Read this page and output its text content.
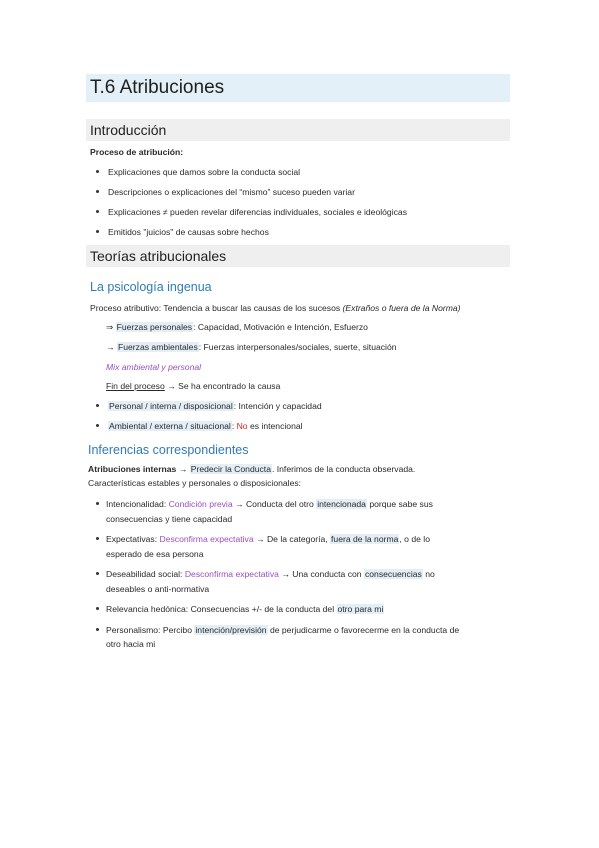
T.6 Atribuciones
Introducción
Proceso de atribución:
Explicaciones que damos sobre la conducta social
Descripciones o explicaciones del “mismo” suceso pueden variar
Explicaciones ≠ pueden revelar diferencias individuales, sociales e ideológicas
Emitidos "juicios" de causas sobre hechos
Teorías atribucionales
La psicología ingenua
Proceso atributivo: Tendencia a buscar las causas de los sucesos (Extraños o fuera de la Norma)
⇒ Fuerzas personales: Capacidad, Motivación e Intención, Esfuerzo
→ Fuerzas ambientales: Fuerzas interpersonales/sociales, suerte, situación
Mix ambiental y personal
Fin del proceso → Se ha encontrado la causa
Personal / interna / disposicional: Intención y capacidad
Ambiental / externa / situacional: No es intencional
Inferencias correspondientes
Atribuciones internas → Predecir la Conducta. Inferimos de la conducta observada.
Características estables y personales o disposicionales:
Intencionalidad: Condición previa → Conducta del otro intencionada porque sabe sus
consecuencias y tiene capacidad
Expectativas: Desconfirma expectativa → De la categoría, fuera de la norma, o de lo
esperado de esa persona
Deseabilidad social: Desconfirma expectativa → Una conducta con consecuencias no
deseables o anti-normativa
Relevancia hedónica: Consecuencias +/- de la conducta del otro para mi
Personalismo: Percibo intención/previsión de perjudicarme o favorecerme en la conducta de
otro hacia mi
